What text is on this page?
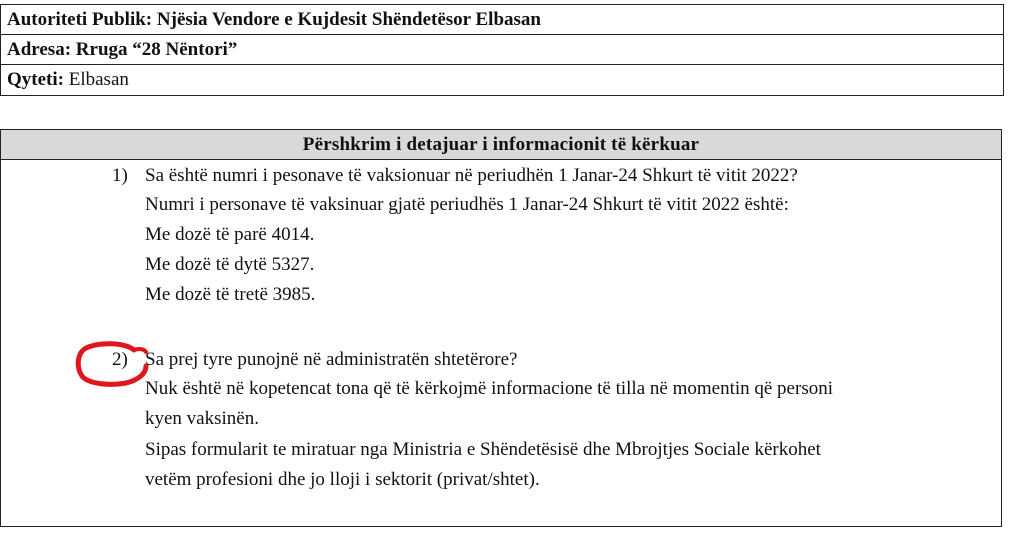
Autoriteti Publik: Njësia Vendore e Kujdesit Shëndetësor Elbasan
Adresa: Rruga “28 Nëntori”
Qyteti: Elbasan
Përshkrim i detajuar i informacionit të kërkuar
1) Sa është numri i pesonave të vaksionuar në periudhën 1 Janar-24 Shkurt të vitit 2022?
Numri i personave të vaksinuar gjatë periudhës 1 Janar-24 Shkurt të vitit 2022 është:
Me dozë të parë 4014.
Me dozë të dytë 5327.
Me dozë të tretë 3985.
2) Sa prej tyre punojnë në administratën shtetërore?
Nuk është në kopetencat tona që të kërkojmë informacione të tilla në momentin që personi
kyen vaksinën.
Sipas formularit te miratuar nga Ministria e Shëndetësisë dhe Mbrojtjes Sociale kërkohet
vetëm profesioni dhe jo lloji i sektorit (privat/shtet).
